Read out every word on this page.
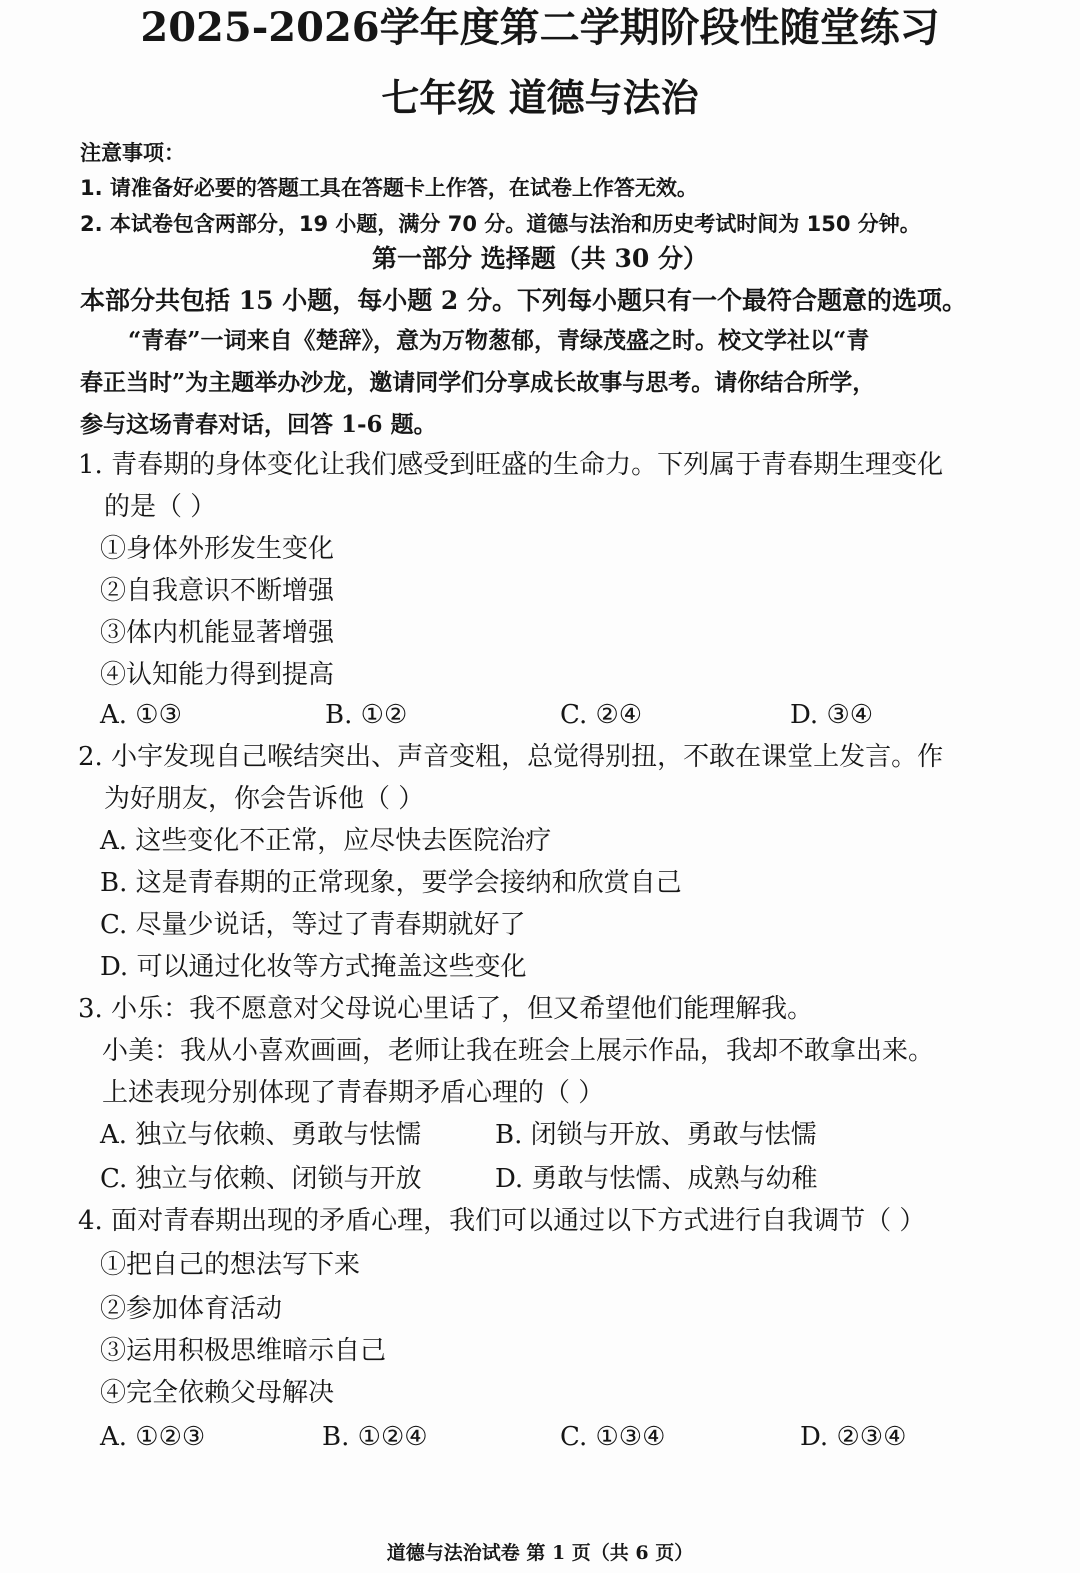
2025-2026学年度第二学期阶段性随堂练习
七年级 道德与法治
注意事项：
1. 请准备好必要的答题工具在答题卡上作答，在试卷上作答无效。
2. 本试卷包含两部分，19 小题，满分 70 分。道德与法治和历史考试时间为 150 分钟。
第一部分 选择题（共 30 分）
本部分共包括 15 小题，每小题 2 分。下列每小题只有一个最符合题意的选项。
“青春”一词来自《楚辞》，意为万物葱郁，青绿茂盛之时。校文学社以“青
春正当时”为主题举办沙龙，邀请同学们分享成长故事与思考。请你结合所学，
参与这场青春对话，回答 1-6 题。
1. 青春期的身体变化让我们感受到旺盛的生命力。下列属于青春期生理变化
的是（ ）
①身体外形发生变化
②自我意识不断增强
③体内机能显著增强
④认知能力得到提高
A. ①③	B. ①②	C. ②④	D. ③④
2. 小宇发现自己喉结突出、声音变粗，总觉得别扭，不敢在课堂上发言。作
为好朋友，你会告诉他（ ）
A. 这些变化不正常，应尽快去医院治疗
B. 这是青春期的正常现象，要学会接纳和欣赏自己
C. 尽量少说话，等过了青春期就好了
D. 可以通过化妆等方式掩盖这些变化
3. 小乐：我不愿意对父母说心里话了，但又希望他们能理解我。
小美：我从小喜欢画画，老师让我在班会上展示作品，我却不敢拿出来。
上述表现分别体现了青春期矛盾心理的（ ）
A. 独立与依赖、勇敢与怯懦	B. 闭锁与开放、勇敢与怯懦
C. 独立与依赖、闭锁与开放	D. 勇敢与怯懦、成熟与幼稚
4. 面对青春期出现的矛盾心理，我们可以通过以下方式进行自我调节（ ）
①把自己的想法写下来
②参加体育活动
③运用积极思维暗示自己
④完全依赖父母解决
A. ①②③	B. ①②④	C. ①③④	D. ②③④
道德与法治试卷 第 1 页（共 6 页）
